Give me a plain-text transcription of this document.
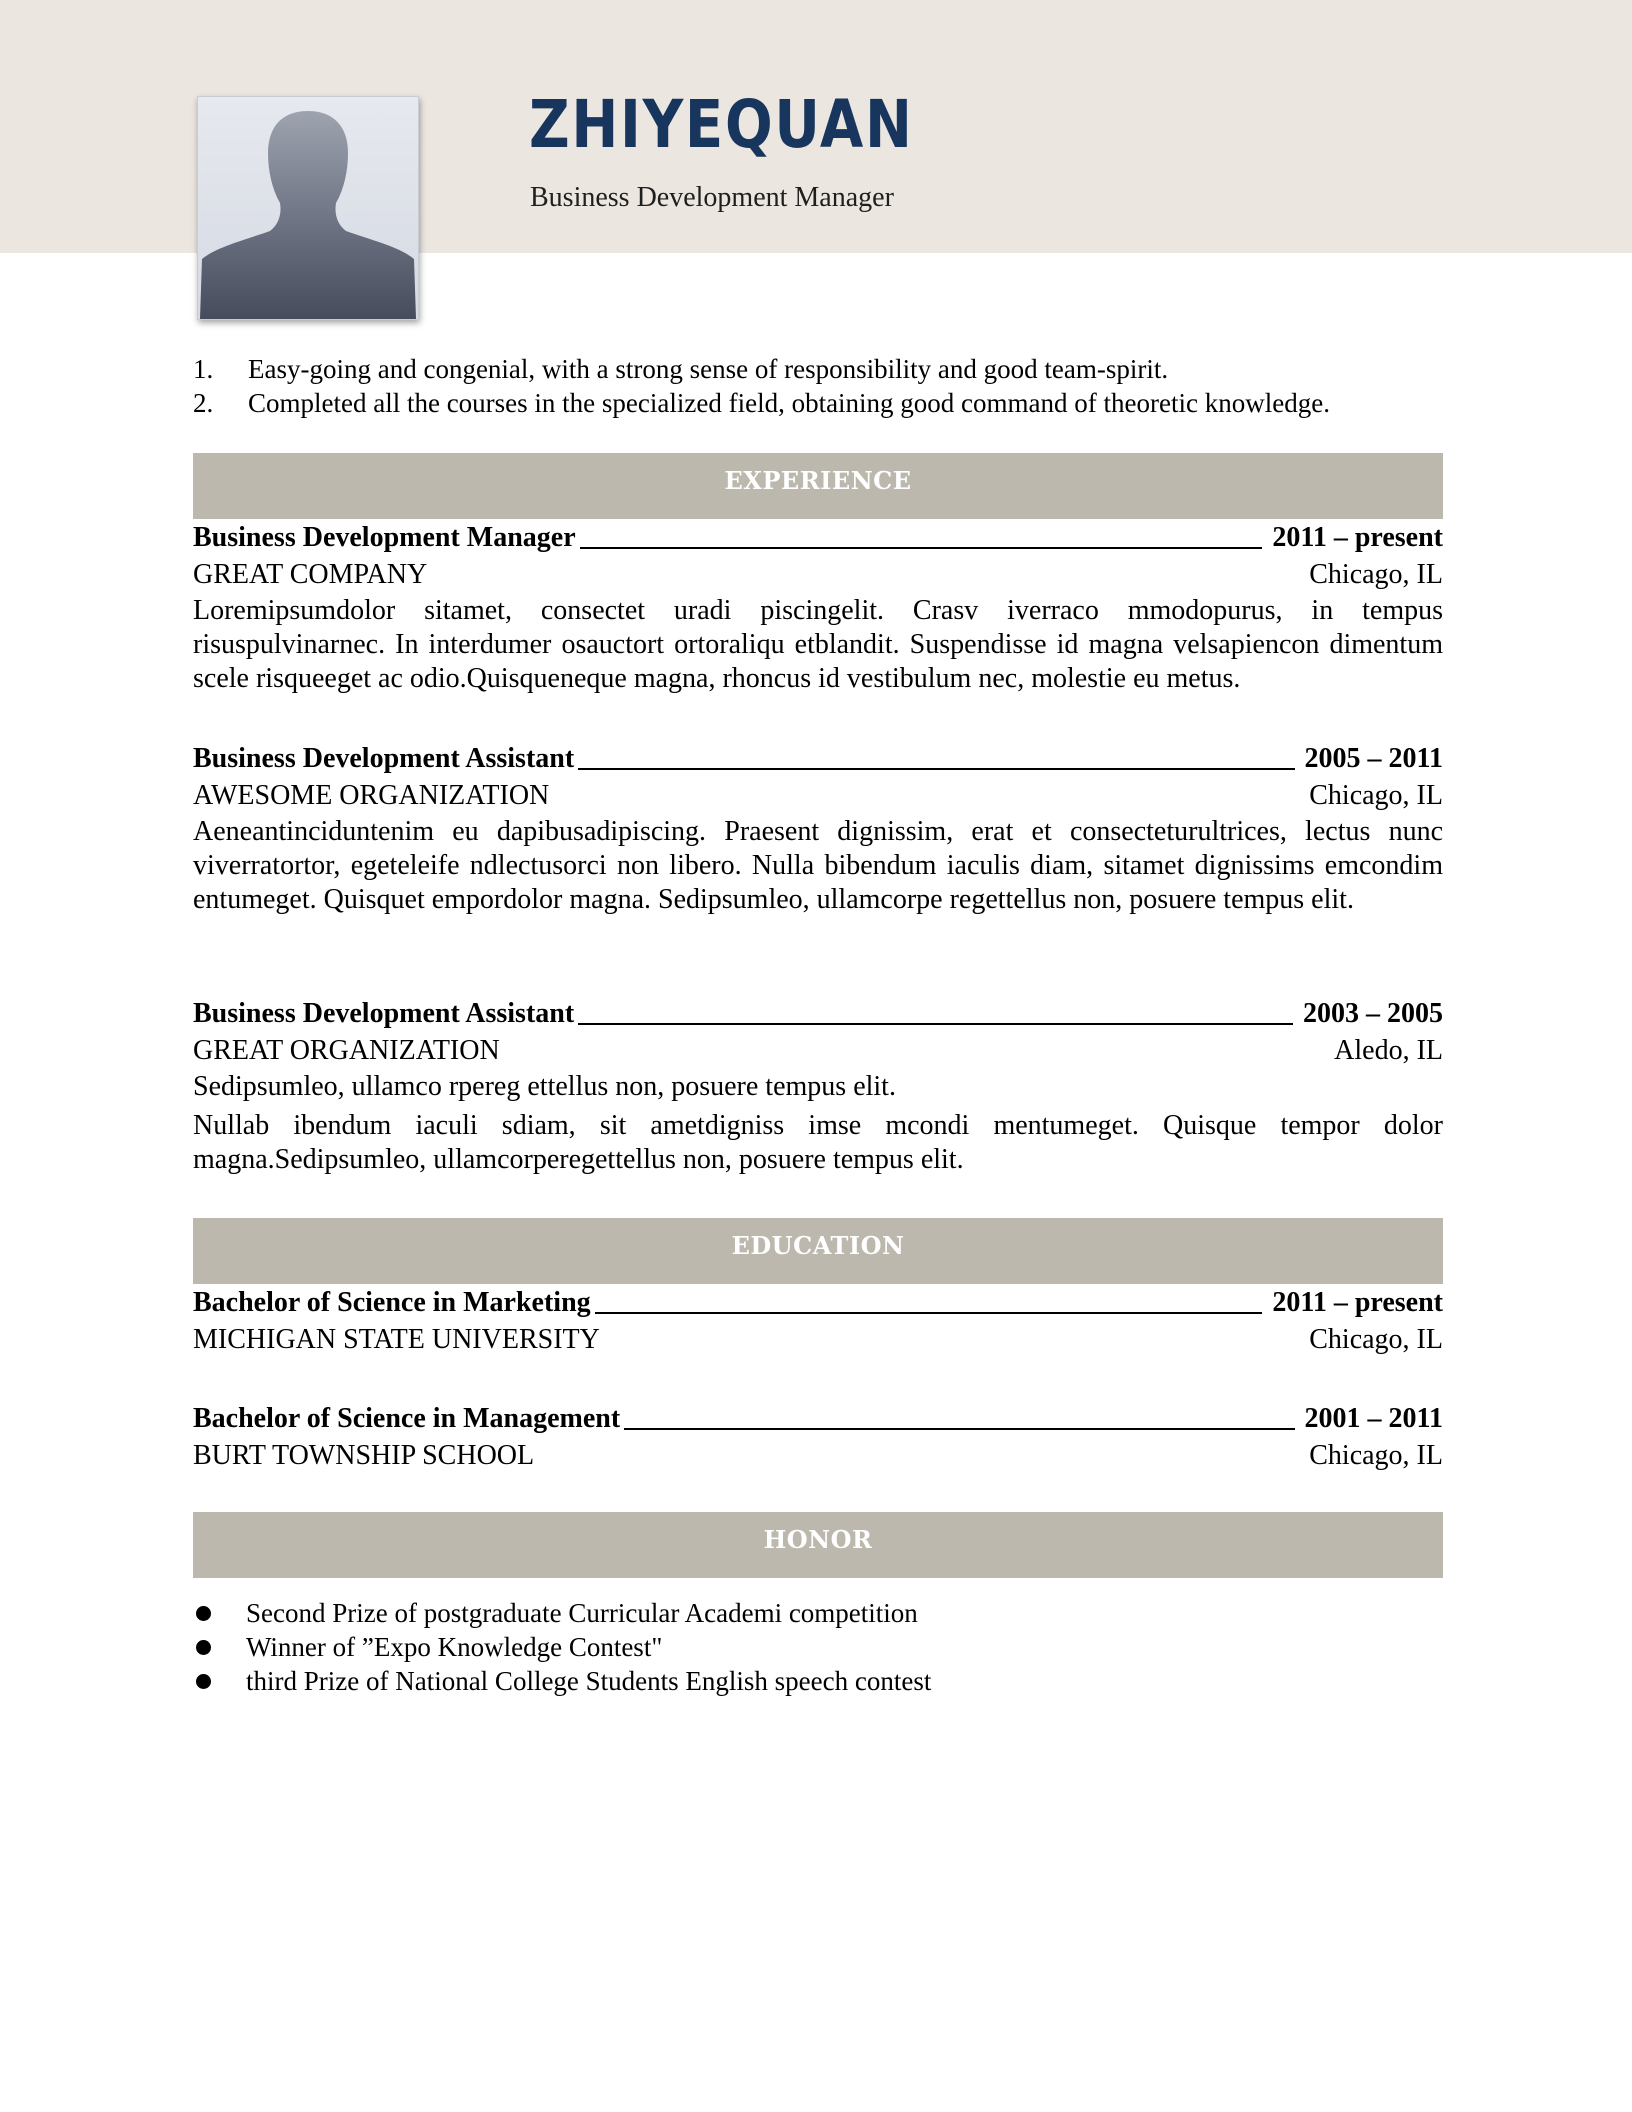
ZHIYEQUAN
Business Development Manager
1.	Easy-going and congenial, with a strong sense of responsibility and good team-spirit.
2.	Completed all the courses in the specialized field, obtaining good command of theoretic knowledge.
EXPERIENCE
Business Development Manager	2011 – present
GREAT COMPANY	Chicago, IL

Loremipsumdolor sitamet, consectet uradi piscingelit. Crasv iverraco mmodopurus, in tempus risuspulvinarnec. In interdumer osauctort ortoraliqu etblandit. Suspendisse id magna velsapiencon dimentum scele risqueeget ac odio.Quisqueneque magna, rhoncus id vestibulum nec, molestie eu metus.

Business Development Assistant	2005 – 2011
AWESOME ORGANIZATION	Chicago, IL

Aeneantinciduntenim eu dapibusadipiscing. Praesent dignissim, erat et consecteturultrices, lectus nunc viverratortor, egeteleife ndlectusorci non libero. Nulla bibendum iaculis diam, sitamet dignissims emcondim entumeget. Quisquet empordolor magna. Sedipsumleo, ullamcorpe regettellus non, posuere tempus elit.

Business Development Assistant	2003 – 2005
GREAT ORGANIZATION	Aledo, IL

Sedipsumleo, ullamco rpereg ettellus non, posuere tempus elit.

Nullab ibendum iaculi sdiam, sit ametdigniss imse mcondi mentumeget. Quisque tempor dolor magna.Sedipsumleo, ullamcorperegettellus non, posuere tempus elit.

EDUCATION
Bachelor of Science in Marketing	2011 – present
MICHIGAN STATE UNIVERSITY	Chicago, IL
Bachelor of Science in Management	2001 – 2011
BURT TOWNSHIP SCHOOL	Chicago, IL
HONOR
Second Prize of postgraduate Curricular Academi competition
Winner of ”Expo Knowledge Contest"
third Prize of National College Students English speech contest
